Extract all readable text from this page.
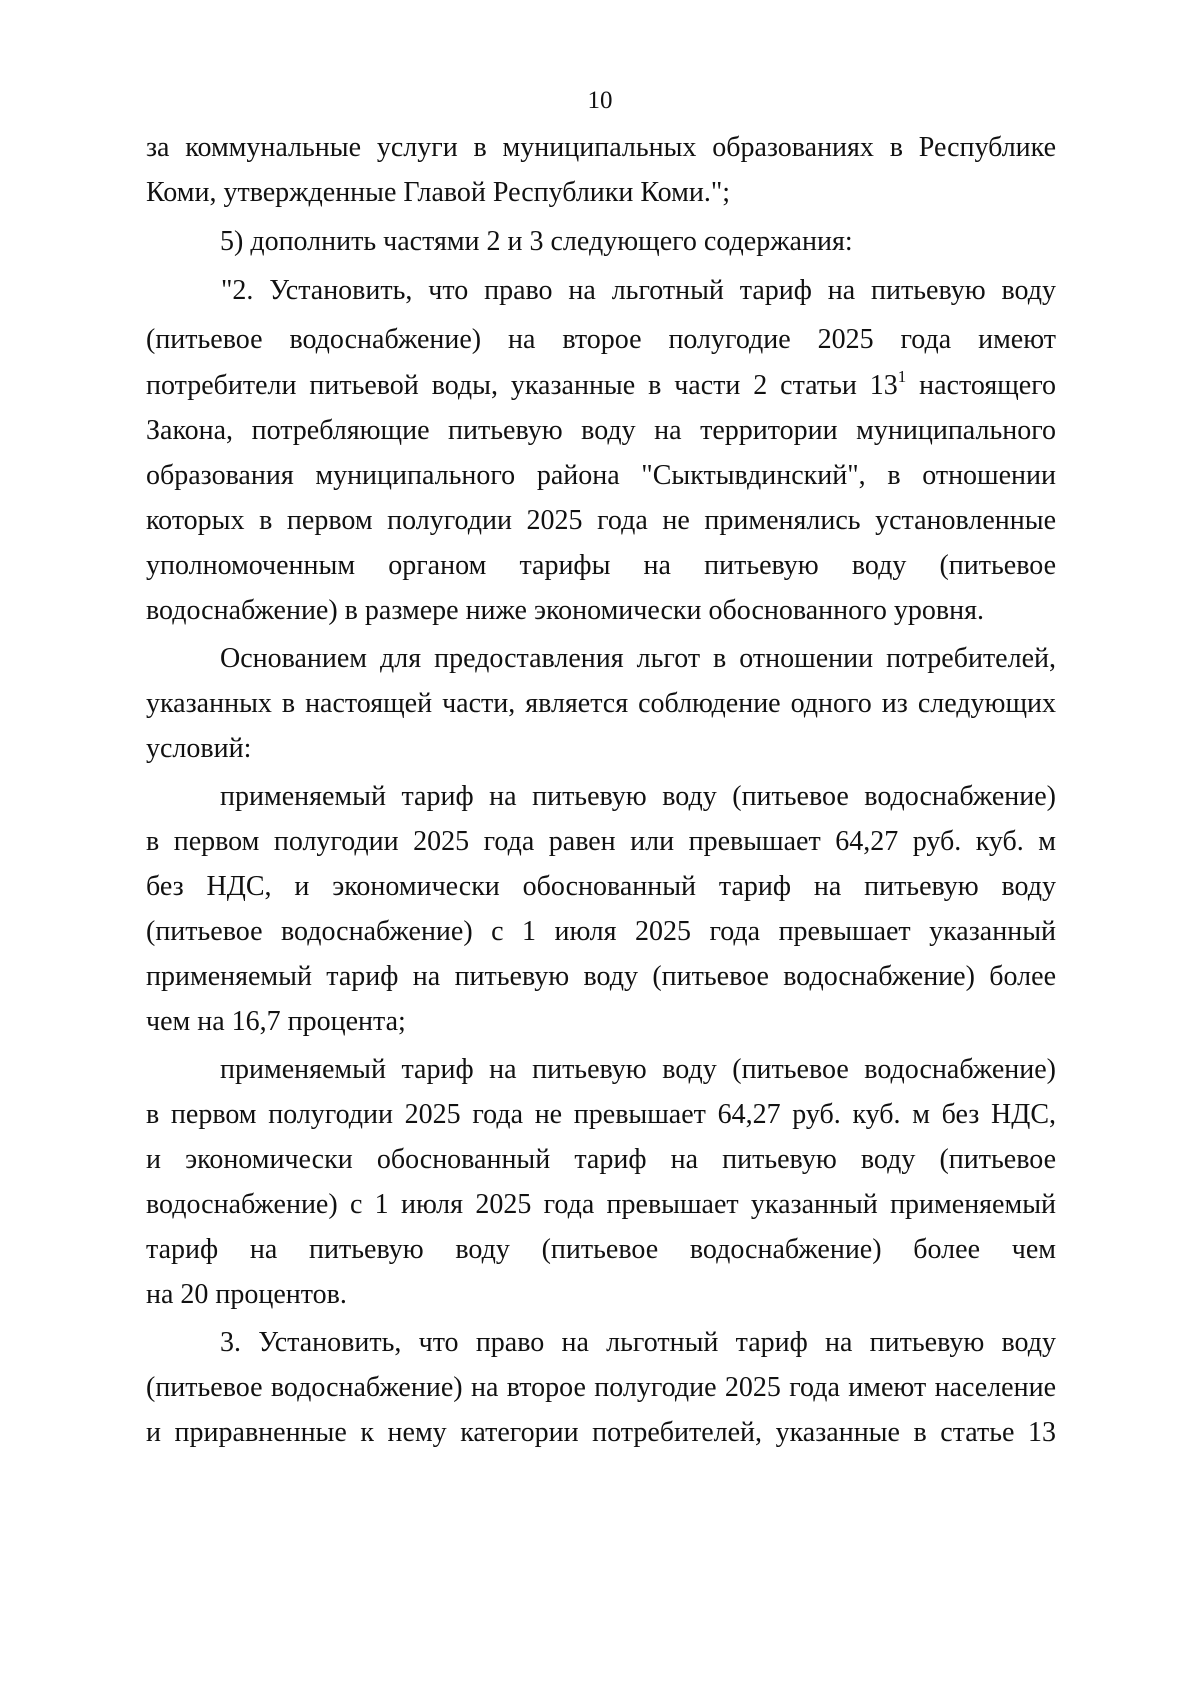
10
за коммунальные услуги в муниципальных образованиях в Республике
Коми, утвержденные Главой Республики Коми.";
5) дополнить частями 2 и 3 следующего содержания:
"2. Установить, что право на льготный тариф на питьевую воду
(питьевое водоснабжение) на второе полугодие 2025 года имеют
потребители питьевой воды, указанные в части 2 статьи $13^1$ настоящего
Закона, потребляющие питьевую воду на территории муниципального
образования муниципального района "Сыктывдинский", в отношении
которых в первом полугодии 2025 года не применялись установленные
уполномоченным органом тарифы на питьевую воду (питьевое
водоснабжение) в размере ниже экономически обоснованного уровня.
Основанием для предоставления льгот в отношении потребителей,
указанных в настоящей части, является соблюдение одного из следующих
условий:
применяемый тариф на питьевую воду (питьевое водоснабжение)
в первом полугодии 2025 года равен или превышает 64,27 руб. куб. м
без НДС, и экономически обоснованный тариф на питьевую воду
(питьевое водоснабжение) с 1 июля 2025 года превышает указанный
применяемый тариф на питьевую воду (питьевое водоснабжение) более
чем на 16,7 процента;
применяемый тариф на питьевую воду (питьевое водоснабжение)
в первом полугодии 2025 года не превышает 64,27 руб. куб. м без НДС,
и экономически обоснованный тариф на питьевую воду (питьевое
водоснабжение) с 1 июля 2025 года превышает указанный применяемый
тариф на питьевую воду (питьевое водоснабжение) более чем
на 20 процентов.
3. Установить, что право на льготный тариф на питьевую воду
(питьевое водоснабжение) на второе полугодие 2025 года имеют население
и приравненные к нему категории потребителей, указанные в статье 13
